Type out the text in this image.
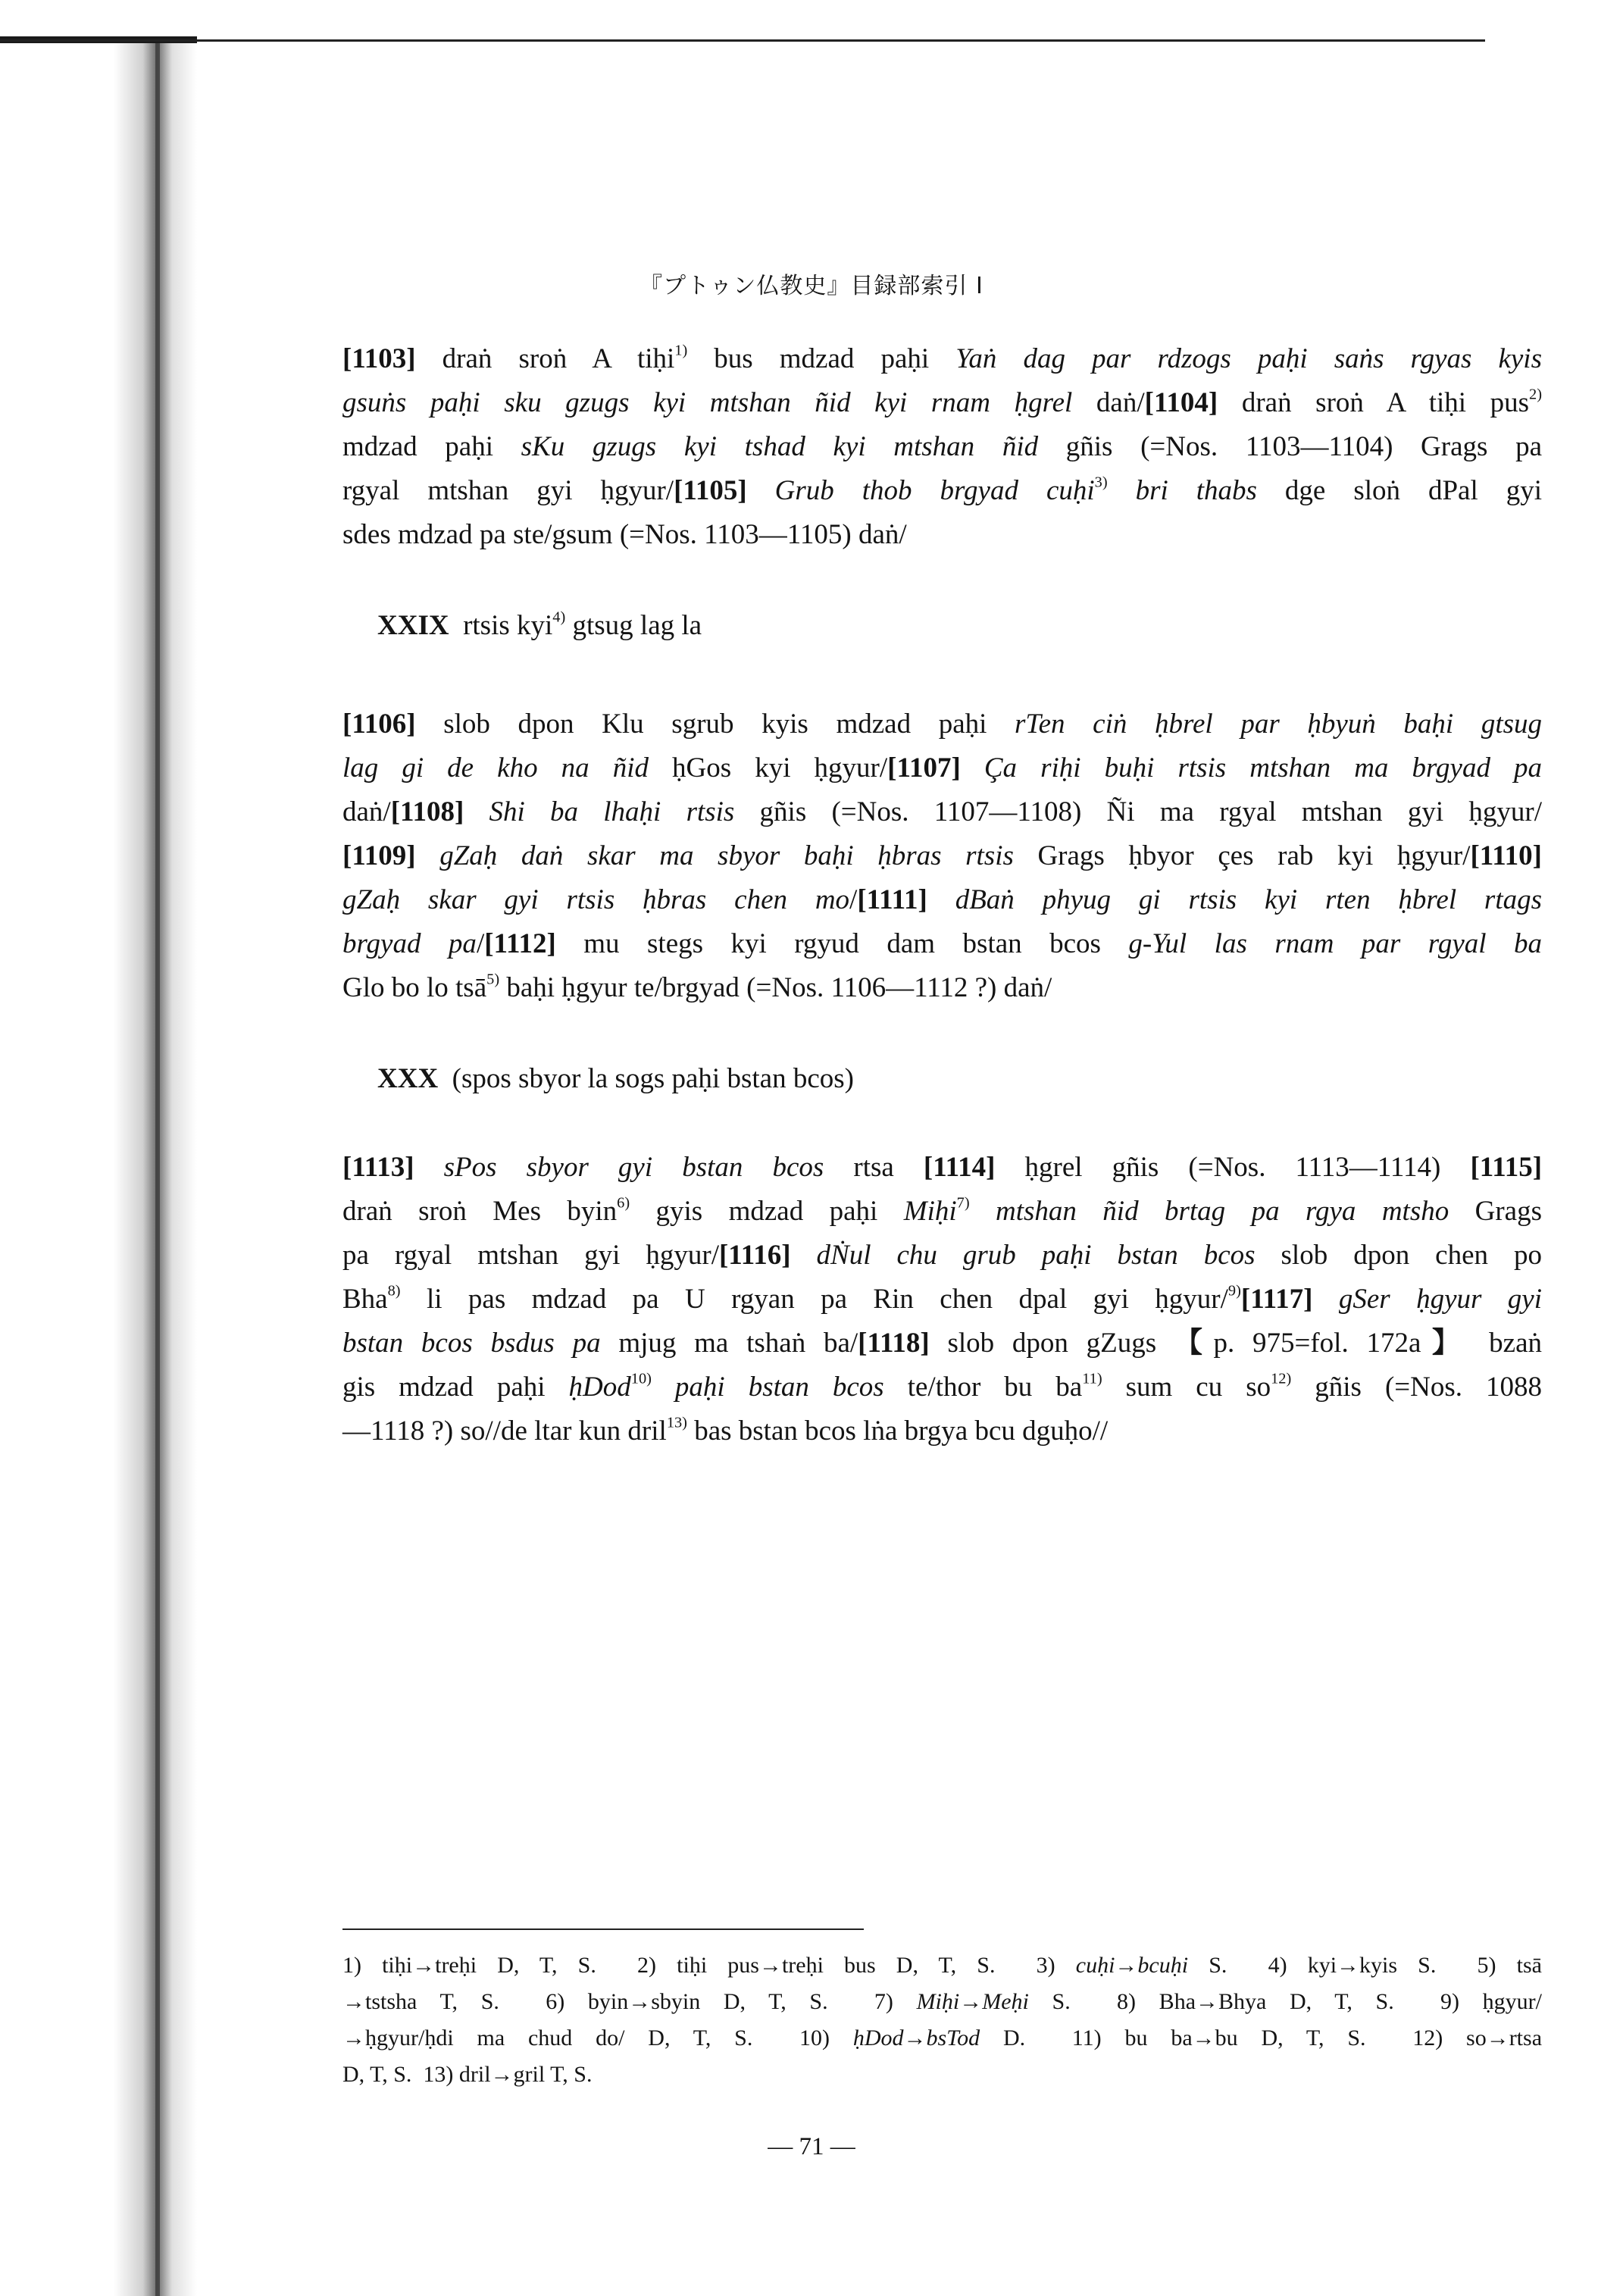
『プトゥン仏教史』目録部索引 I
[1103] draṅ sroṅ A tiḥi$^{1)}$ bus mdzad paḥi Yaṅ dag par rdzogs paḥi saṅs rgyas kyis
gsuṅs paḥi sku gzugs kyi mtshan ñid kyi rnam ḥgrel daṅ/[1104] draṅ sroṅ A tiḥi pus$^{2)}$
mdzad paḥi sKu gzugs kyi tshad kyi mtshan ñid gñis (=Nos. 1103—1104) Grags pa
rgyal mtshan gyi ḥgyur/[1105] Grub thob brgyad cuḥi$^{3)}$ bri thabs dge sloṅ dPal gyi
sdes mdzad pa ste/gsum (=Nos. 1103—1105) daṅ/
XXIX  rtsis kyi$^{4)}$ gtsug lag la
[1106] slob dpon Klu sgrub kyis mdzad paḥi rTen ciṅ ḥbrel par ḥbyuṅ baḥi gtsug
lag gi de kho na ñid ḥGos kyi ḥgyur/[1107] Ça riḥi buḥi rtsis mtshan ma brgyad pa
daṅ/[1108] Shi ba lhaḥi rtsis gñis (=Nos. 1107—1108) Ñi ma rgyal mtshan gyi ḥgyur/
[1109] gZaḥ daṅ skar ma sbyor baḥi ḥbras rtsis Grags ḥbyor çes rab kyi ḥgyur/[1110]
gZaḥ skar gyi rtsis ḥbras chen mo/[1111] dBaṅ phyug gi rtsis kyi rten ḥbrel rtags
brgyad pa/[1112] mu stegs kyi rgyud dam bstan bcos g-Yul las rnam par rgyal ba
Glo bo lo tsā$^{5)}$ baḥi ḥgyur te/brgyad (=Nos. 1106—1112 ?) daṅ/
XXX  (spos sbyor la sogs paḥi bstan bcos)
[1113] sPos sbyor gyi bstan bcos rtsa [1114] ḥgrel gñis (=Nos. 1113—1114) [1115]
draṅ sroṅ Mes byin$^{6)}$ gyis mdzad paḥi Miḥi$^{7)}$ mtshan ñid brtag pa rgya mtsho Grags
pa rgyal mtshan gyi ḥgyur/[1116] dṄul chu grub paḥi bstan bcos slob dpon chen po
Bha$^{8)}$ li pas mdzad pa U rgyan pa Rin chen dpal gyi ḥgyur/$^{9)}$[1117] gSer ḥgyur gyi
bstan bcos bsdus pa mjug ma tshaṅ ba/[1118] slob dpon gZugs 【p. 975=fol. 172a】 bzaṅ
gis mdzad paḥi ḥDod$^{10)}$ paḥi bstan bcos te/thor bu $ba^{11)}$ sum cu $so^{12)}$ gñis (=Nos. 1088
—1118 ?) so//de ltar kun dril$^{13)}$ bas bstan bcos lṅa brgya bcu dguḥo//
1) tiḥi→treḥi D, T, S.  2) tiḥi pus→treḥi bus D, T, S.  3) cuḥi→bcuḥi S.  4) kyi→kyis S.  5) tsā
→tstsha T, S.  6) byin→sbyin D, T, S.  7) Miḥi→Meḥi S.  8) Bha→Bhya D, T, S.  9) ḥgyur/
→ḥgyur/ḥdi ma chud do/ D, T, S.  10) ḥDod→bsTod D.  11) bu ba→bu D, T, S.  12) so→rtsa
D, T, S.  13) dril→gril T, S.
— 71 —
